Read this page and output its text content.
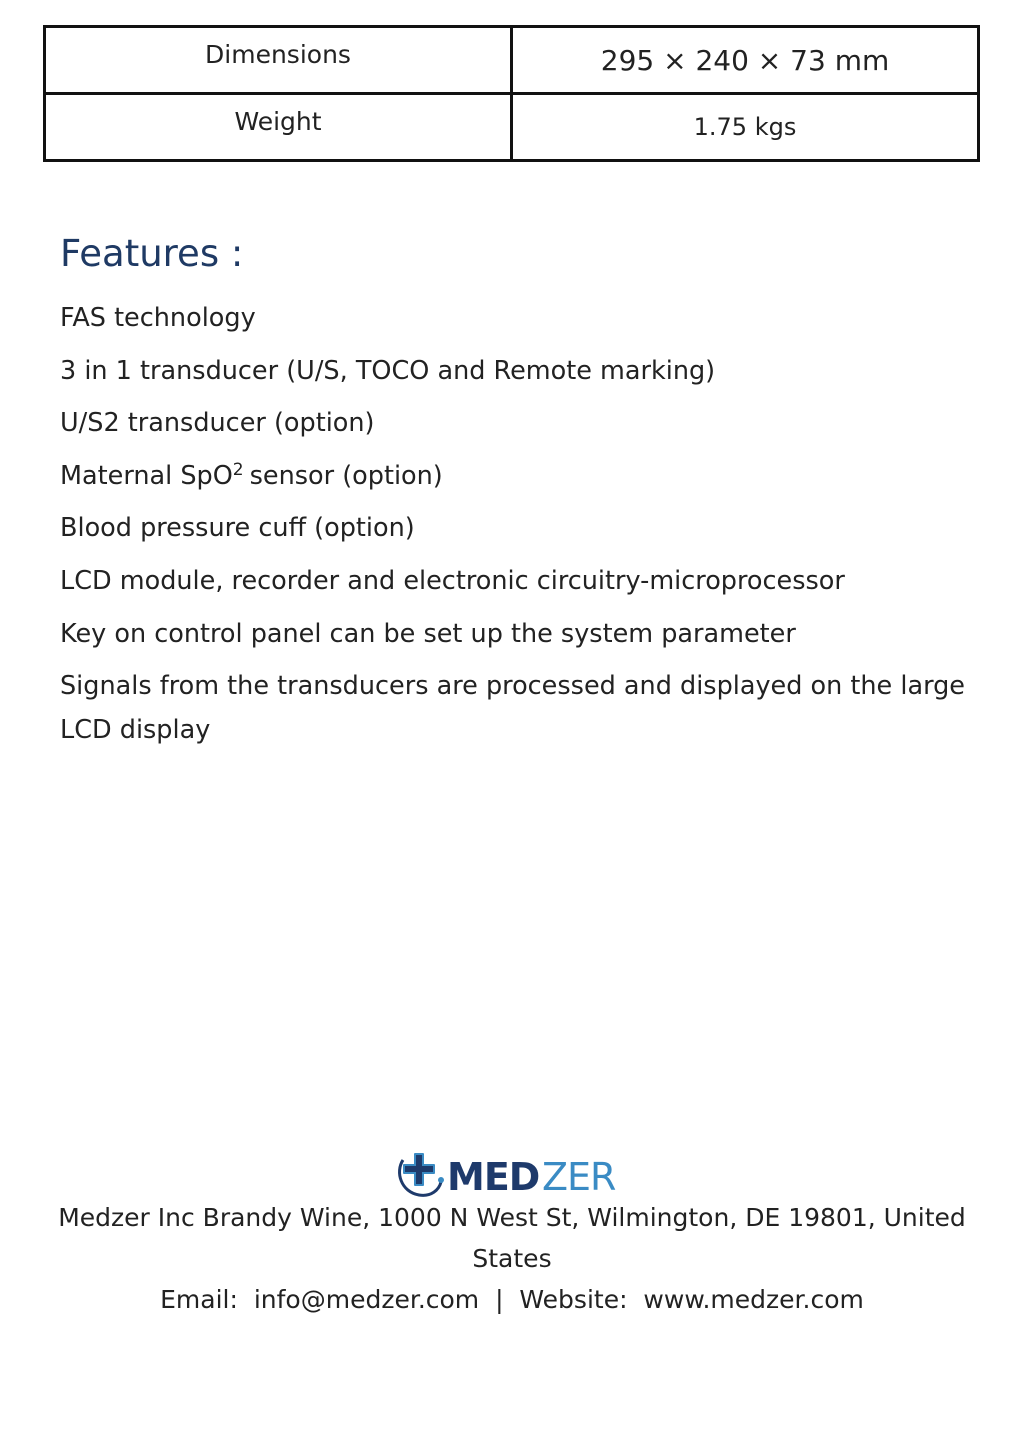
Dimensions	295 × 240 × 73 mm
Weight	1.75 kgs
Features :
FAS technology
3 in 1 transducer (U/S, TOCO and Remote marking)
U/S2 transducer (option)
Maternal SpO$^2$ sensor (option)
Blood pressure cuff (option)
LCD module, recorder and electronic circuitry-microprocessor
Key on control panel can be set up the system parameter
Signals from the transducers are processed and displayed on the large LCD display
MED ZER
Medzer Inc Brandy Wine, 1000 N West St, Wilmington, DE 19801, United States
Email: info@medzer.com | Website: www.medzer.com
